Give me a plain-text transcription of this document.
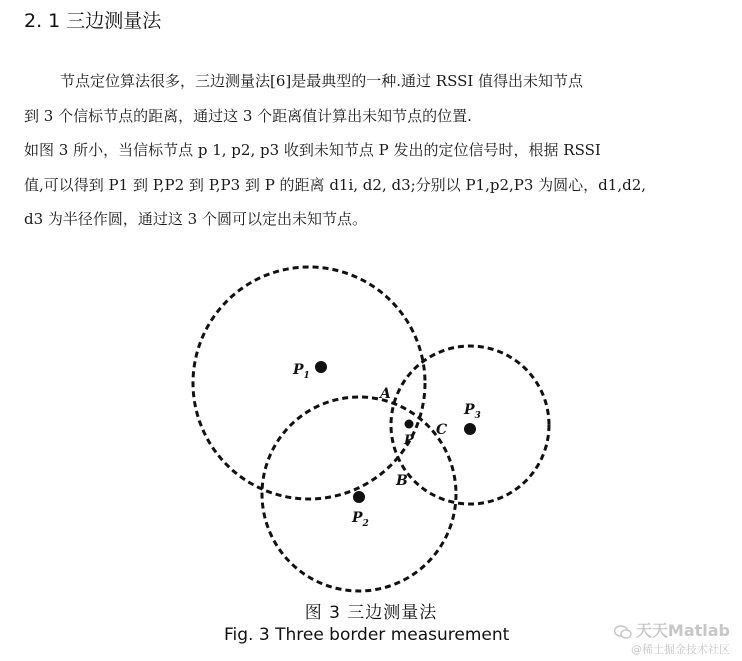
2. 1 三边测量法
节点定位算法很多，三边测量法[6]是最典型的一种.通过 RSSI 值得出未知节点
到 3 个信标节点的距离，通过这 3 个距离值计算出未知节点的位置.
如图 3 所小，当信标节点 p 1, p2, p3 收到未知节点 P 发出的定位信号时，根据 RSSI
值,可以得到 P1 到 P,P2 到 P,P3 到 P 的距离 d1i, d2, d3;分别以 P1,p2,P3 为圆心，d1,d2,
d3 为半径作圆，通过这 3 个圆可以定出未知节点。
$P_1$
$P_2$
$P_3$
P
A
B
C
图 3 三边测量法
Fig. 3 Three border measurement	天天Matlab
@稀土掘金技术社区
